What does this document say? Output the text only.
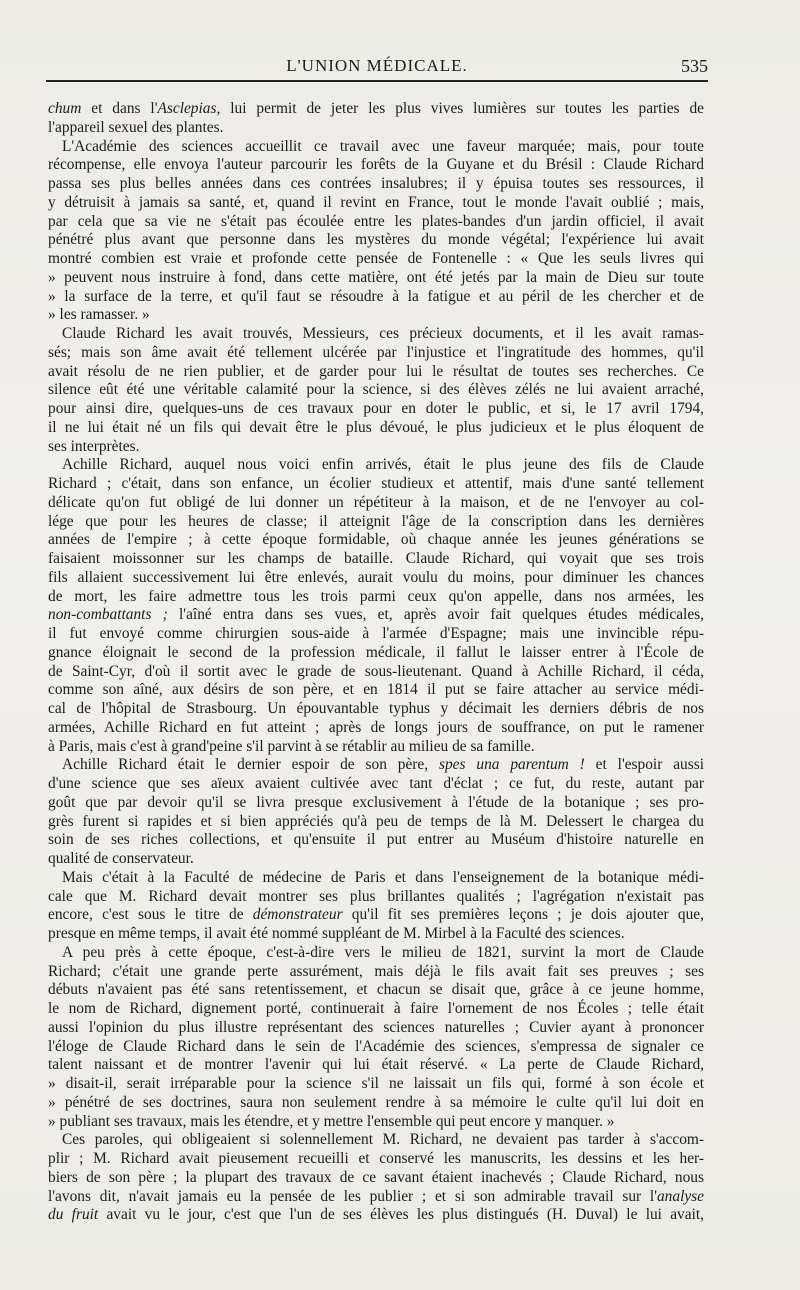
L'UNION MÉDICALE.	535
chum et dans l'Asclepias, lui permit de jeter les plus vives lumières sur toutes les parties de
l'appareil sexuel des plantes.
L'Académie des sciences accueillit ce travail avec une faveur marquée; mais, pour toute
récompense, elle envoya l'auteur parcourir les forêts de la Guyane et du Brésil : Claude Richard
passa ses plus belles années dans ces contrées insalubres; il y épuisa toutes ses ressources, il
y détruisit à jamais sa santé, et, quand il revint en France, tout le monde l'avait oublié ; mais,
par cela que sa vie ne s'était pas écoulée entre les plates-bandes d'un jardin officiel, il avait
pénétré plus avant que personne dans les mystères du monde végétal; l'expérience lui avait
montré combien est vraie et profonde cette pensée de Fontenelle : « Que les seuls livres qui
» peuvent nous instruire à fond, dans cette matière, ont été jetés par la main de Dieu sur toute
» la surface de la terre, et qu'il faut se résoudre à la fatigue et au péril de les chercher et de
» les ramasser. »
Claude Richard les avait trouvés, Messieurs, ces précieux documents, et il les avait ramas-
sés; mais son âme avait été tellement ulcérée par l'injustice et l'ingratitude des hommes, qu'il
avait résolu de ne rien publier, et de garder pour lui le résultat de toutes ses recherches. Ce
silence eût été une véritable calamité pour la science, si des élèves zélés ne lui avaient arraché,
pour ainsi dire, quelques-uns de ces travaux pour en doter le public, et si, le 17 avril 1794,
il ne lui était né un fils qui devait être le plus dévoué, le plus judicieux et le plus éloquent de
ses interprètes.
Achille Richard, auquel nous voici enfin arrivés, était le plus jeune des fils de Claude
Richard ; c'était, dans son enfance, un écolier studieux et attentif, mais d'une santé tellement
délicate qu'on fut obligé de lui donner un répétiteur à la maison, et de ne l'envoyer au col-
lége que pour les heures de classe; il atteignit l'âge de la conscription dans les dernières
années de l'empire ; à cette époque formidable, où chaque année les jeunes générations se
faisaient moissonner sur les champs de bataille. Claude Richard, qui voyait que ses trois
fils allaient successivement lui être enlevés, aurait voulu du moins, pour diminuer les chances
de mort, les faire admettre tous les trois parmi ceux qu'on appelle, dans nos armées, les
non-combattants ; l'aîné entra dans ses vues, et, après avoir fait quelques études médicales,
il fut envoyé comme chirurgien sous-aide à l'armée d'Espagne; mais une invincible répu-
gnance éloignait le second de la profession médicale, il fallut le laisser entrer à l'École de
de Saint-Cyr, d'où il sortit avec le grade de sous-lieutenant. Quand à Achille Richard, il céda,
comme son aîné, aux désirs de son père, et en 1814 il put se faire attacher au service médi-
cal de l'hôpital de Strasbourg. Un épouvantable typhus y décimait les derniers débris de nos
armées, Achille Richard en fut atteint ; après de longs jours de souffrance, on put le ramener
à Paris, mais c'est à grand'peine s'il parvint à se rétablir au milieu de sa famille.
Achille Richard était le dernier espoir de son père, spes una parentum ! et l'espoir aussi
d'une science que ses aïeux avaient cultivée avec tant d'éclat ; ce fut, du reste, autant par
goût que par devoir qu'il se livra presque exclusivement à l'étude de la botanique ; ses pro-
grès furent si rapides et si bien appréciés qu'à peu de temps de là M. Delessert le chargea du
soin de ses riches collections, et qu'ensuite il put entrer au Muséum d'histoire naturelle en
qualité de conservateur.
Mais c'était à la Faculté de médecine de Paris et dans l'enseignement de la botanique médi-
cale que M. Richard devait montrer ses plus brillantes qualités ; l'agrégation n'existait pas
encore, c'est sous le titre de démonstrateur qu'il fit ses premières leçons ; je dois ajouter que,
presque en même temps, il avait été nommé suppléant de M. Mirbel à la Faculté des sciences.
A peu près à cette époque, c'est-à-dire vers le milieu de 1821, survint la mort de Claude
Richard; c'était une grande perte assurément, mais déjà le fils avait fait ses preuves ; ses
débuts n'avaient pas été sans retentissement, et chacun se disait que, grâce à ce jeune homme,
le nom de Richard, dignement porté, continuerait à faire l'ornement de nos Écoles ; telle était
aussi l'opinion du plus illustre représentant des sciences naturelles ; Cuvier ayant à prononcer
l'éloge de Claude Richard dans le sein de l'Académie des sciences, s'empressa de signaler ce
talent naissant et de montrer l'avenir qui lui était réservé. « La perte de Claude Richard,
» disait-il, serait irréparable pour la science s'il ne laissait un fils qui, formé à son école et
» pénétré de ses doctrines, saura non seulement rendre à sa mémoire le culte qu'il lui doit en
» publiant ses travaux, mais les étendre, et y mettre l'ensemble qui peut encore y manquer. »
Ces paroles, qui obligeaient si solennellement M. Richard, ne devaient pas tarder à s'accom-
plir ; M. Richard avait pieusement recueilli et conservé les manuscrits, les dessins et les her-
biers de son père ; la plupart des travaux de ce savant étaient inachevés ; Claude Richard, nous
l'avons dit, n'avait jamais eu la pensée de les publier ; et si son admirable travail sur l'analyse
du fruit avait vu le jour, c'est que l'un de ses élèves les plus distingués (H. Duval) le lui avait,
